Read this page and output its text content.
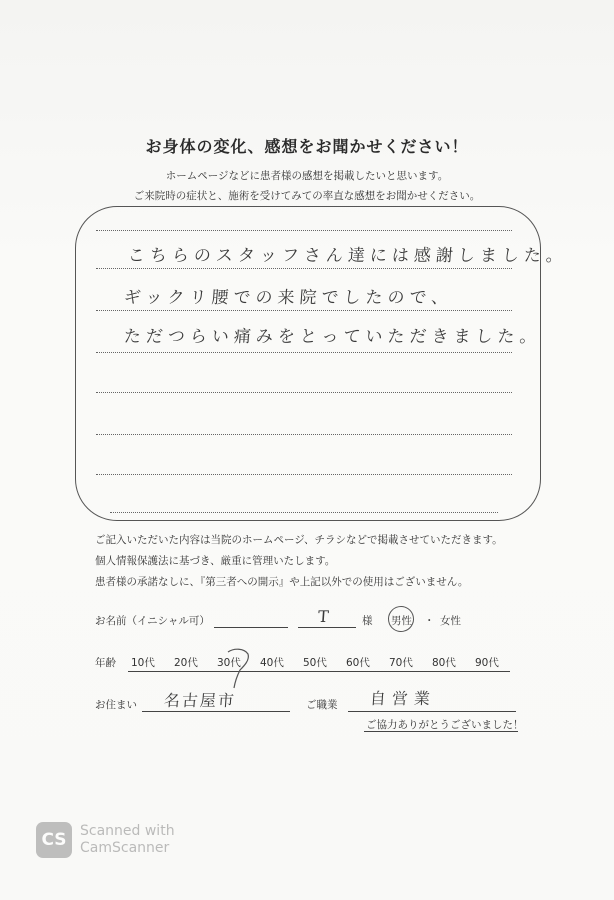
お身体の変化、感想をお聞かせください！
ホームページなどに患者様の感想を掲載したいと思います。
ご来院時の症状と、施術を受けてみての率直な感想をお聞かせください。
こちらのスタッフさん達には感謝しました。
ギックリ腰での来院でしたので、
ただつらい痛みをとっていただきました。
ご記入いただいた内容は当院のホームページ、チラシなどで掲載させていただきます。
個人情報保護法に基づき、厳重に管理いたします。
患者様の承諾なしに、『第三者への開示』や上記以外での使用はございません。
お名前（イニシャル可）	T	様 男性 ・ 女性
年齢 10代 20代 30代 40代 50代 60代 70代 80代 90代
お住まい 名古屋市	ご職業 自営業
ご協力ありがとうございました！
CS Scanned with
CamScanner
